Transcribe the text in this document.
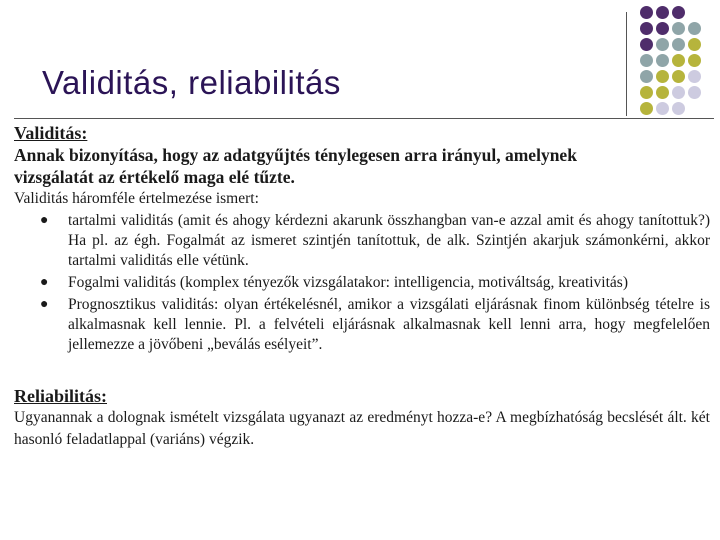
Validitás, reliabilitás
Validitás:
Annak bizonyítása, hogy az adatgyűjtés ténylegesen arra irányul, amelynek
vizsgálatát az értékelő maga elé tűzte.
Validitás háromféle értelmezése ismert:
● tartalmi validitás (amit és ahogy kérdezni akarunk összhangban van-e azzal amit és ahogy tanítottuk?) Ha pl. az égh. Fogalmát az ismeret szintjén tanítottuk, de alk. Szintjén akarjuk számonkérni, akkor tartalmi validitás elle vétünk.
● Fogalmi validitás (komplex tényezők vizsgálatakor: intelligencia, motiváltság, kreativitás)
● Prognosztikus validitás: olyan értékelésnél, amikor a vizsgálati eljárásnak finom különbség tételre is alkalmasnak kell lennie. Pl. a felvételi eljárásnak alkalmasnak kell lenni arra, hogy megfelelően jellemezze a jövőbeni „beválás esélyeit”.
Reliabilitás:
Ugyanannak a dolognak ismételt vizsgálata ugyanazt az eredményt hozza-e? A megbízhatóság becslését ált. két hasonló feladatlappal (variáns) végzik.
